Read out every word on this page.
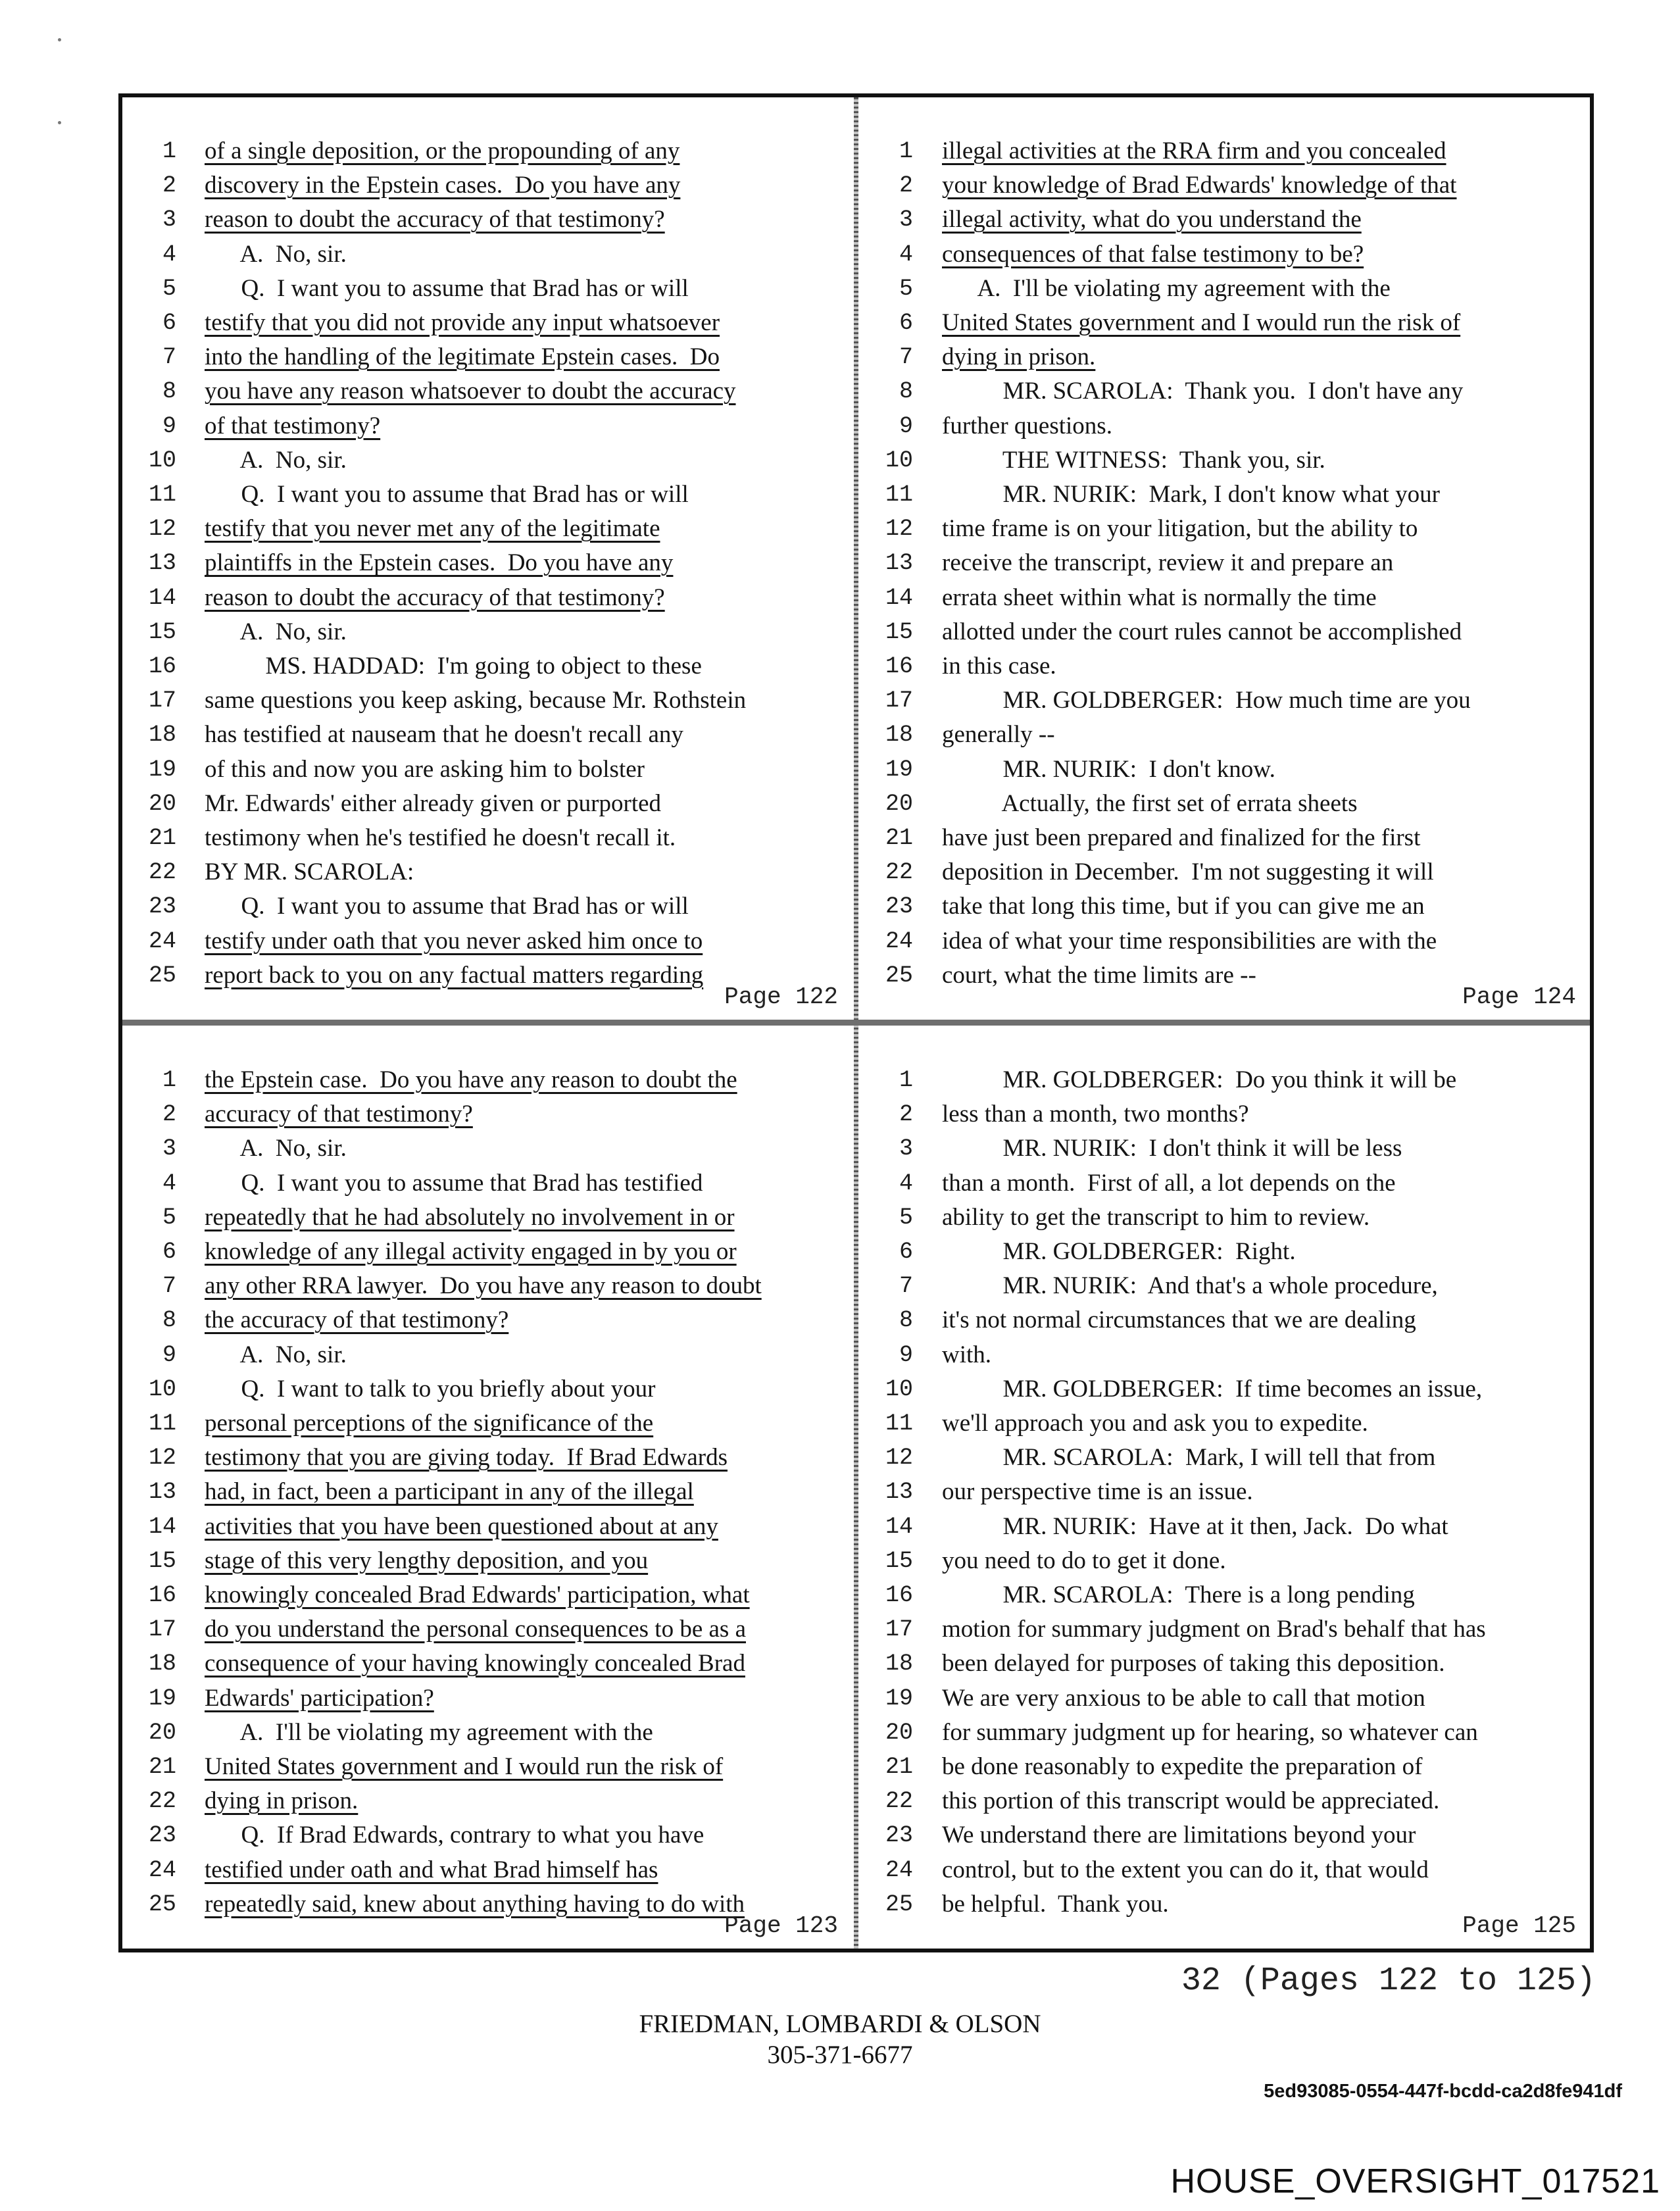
1 of a single deposition, or the propounding of any
2 discovery in the Epstein cases.  Do you have any
3 reason to doubt the accuracy of that testimony?
4 A.  No, sir.
5 Q.  I want you to assume that Brad has or will
6 testify that you did not provide any input whatsoever
7 into the handling of the legitimate Epstein cases.  Do
8 you have any reason whatsoever to doubt the accuracy
9 of that testimony?
10 A.  No, sir.
11 Q.  I want you to assume that Brad has or will
12 testify that you never met any of the legitimate
13 plaintiffs in the Epstein cases.  Do you have any
14 reason to doubt the accuracy of that testimony?
15 A.  No, sir.
16 MS. HADDAD:  I'm going to object to these
17 same questions you keep asking, because Mr. Rothstein
18 has testified at nauseam that he doesn't recall any
19 of this and now you are asking him to bolster
20 Mr. Edwards' either already given or purported
21 testimony when he's testified he doesn't recall it.
22 BY MR. SCAROLA:
23 Q.  I want you to assume that Brad has or will
24 testify under oath that you never asked him once to
25 report back to you on any factual matters regarding
Page 122
1 illegal activities at the RRA firm and you concealed
2 your knowledge of Brad Edwards' knowledge of that
3 illegal activity, what do you understand the
4 consequences of that false testimony to be?
5 A.  I'll be violating my agreement with the
6 United States government and I would run the risk of
7 dying in prison.
8 MR. SCAROLA:  Thank you.  I don't have any
9 further questions.
10 THE WITNESS:  Thank you, sir.
11 MR. NURIK:  Mark, I don't know what your
12 time frame is on your litigation, but the ability to
13 receive the transcript, review it and prepare an
14 errata sheet within what is normally the time
15 allotted under the court rules cannot be accomplished
16 in this case.
17 MR. GOLDBERGER:  How much time are you
18 generally --
19 MR. NURIK:  I don't know.
20 Actually, the first set of errata sheets
21 have just been prepared and finalized for the first
22 deposition in December.  I'm not suggesting it will
23 take that long this time, but if you can give me an
24 idea of what your time responsibilities are with the
25 court, what the time limits are --
Page 124
1 the Epstein case.  Do you have any reason to doubt the
2 accuracy of that testimony?
3 A.  No, sir.
4 Q.  I want you to assume that Brad has testified
5 repeatedly that he had absolutely no involvement in or
6 knowledge of any illegal activity engaged in by you or
7 any other RRA lawyer.  Do you have any reason to doubt
8 the accuracy of that testimony?
9 A.  No, sir.
10 Q.  I want to talk to you briefly about your
11 personal perceptions of the significance of the
12 testimony that you are giving today.  If Brad Edwards
13 had, in fact, been a participant in any of the illegal
14 activities that you have been questioned about at any
15 stage of this very lengthy deposition, and you
16 knowingly concealed Brad Edwards' participation, what
17 do you understand the personal consequences to be as a
18 consequence of your having knowingly concealed Brad
19 Edwards' participation?
20 A.  I'll be violating my agreement with the
21 United States government and I would run the risk of
22 dying in prison.
23 Q.  If Brad Edwards, contrary to what you have
24 testified under oath and what Brad himself has
25 repeatedly said, knew about anything having to do with
Page 123
1 MR. GOLDBERGER:  Do you think it will be
2 less than a month, two months?
3 MR. NURIK:  I don't think it will be less
4 than a month.  First of all, a lot depends on the
5 ability to get the transcript to him to review.
6 MR. GOLDBERGER:  Right.
7 MR. NURIK:  And that's a whole procedure,
8 it's not normal circumstances that we are dealing
9 with.
10 MR. GOLDBERGER:  If time becomes an issue,
11 we'll approach you and ask you to expedite.
12 MR. SCAROLA:  Mark, I will tell that from
13 our perspective time is an issue.
14 MR. NURIK:  Have at it then, Jack.  Do what
15 you need to do to get it done.
16 MR. SCAROLA:  There is a long pending
17 motion for summary judgment on Brad's behalf that has
18 been delayed for purposes of taking this deposition.
19 We are very anxious to be able to call that motion
20 for summary judgment up for hearing, so whatever can
21 be done reasonably to expedite the preparation of
22 this portion of this transcript would be appreciated.
23 We understand there are limitations beyond your
24 control, but to the extent you can do it, that would
25 be helpful.  Thank you.
Page 125
32 (Pages 122 to 125)
FRIEDMAN, LOMBARDI & OLSON
305-371-6677
5ed93085-0554-447f-bcdd-ca2d8fe941df
HOUSE_OVERSIGHT_017521
